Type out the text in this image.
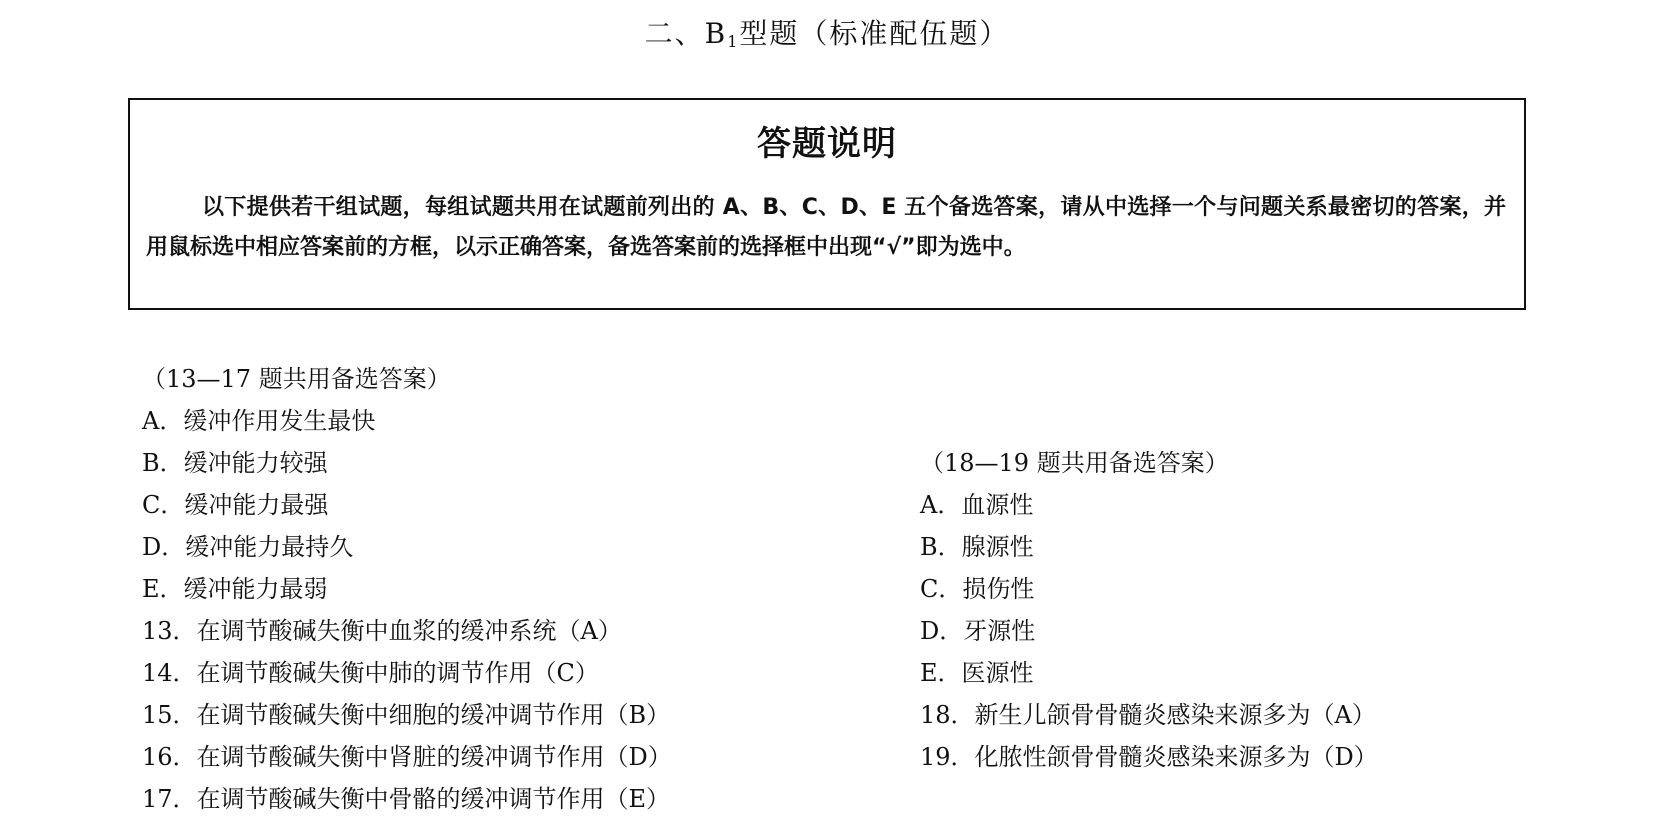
二、$B_1$型题（标准配伍题）
答题说明
以下提供若干组试题，每组试题共用在试题前列出的 A、B、C、D、E 五个备选答案，请从中选择一个与问题关系最密切的答案，并用鼠标选中相应答案前的方框，以示正确答案，备选答案前的选择框中出现“√”即为选中。
（13—17 题共用备选答案）
A．缓冲作用发生最快
B．缓冲能力较强
C．缓冲能力最强
D．缓冲能力最持久
E．缓冲能力最弱
13．在调节酸碱失衡中血浆的缓冲系统（A）
14．在调节酸碱失衡中肺的调节作用（C）
15．在调节酸碱失衡中细胞的缓冲调节作用（B）
16．在调节酸碱失衡中肾脏的缓冲调节作用（D）
17．在调节酸碱失衡中骨骼的缓冲调节作用（E）
（18—19 题共用备选答案）
A．血源性
B．腺源性
C．损伤性
D．牙源性
E．医源性
18．新生儿颌骨骨髓炎感染来源多为（A）
19．化脓性颌骨骨髓炎感染来源多为（D）
